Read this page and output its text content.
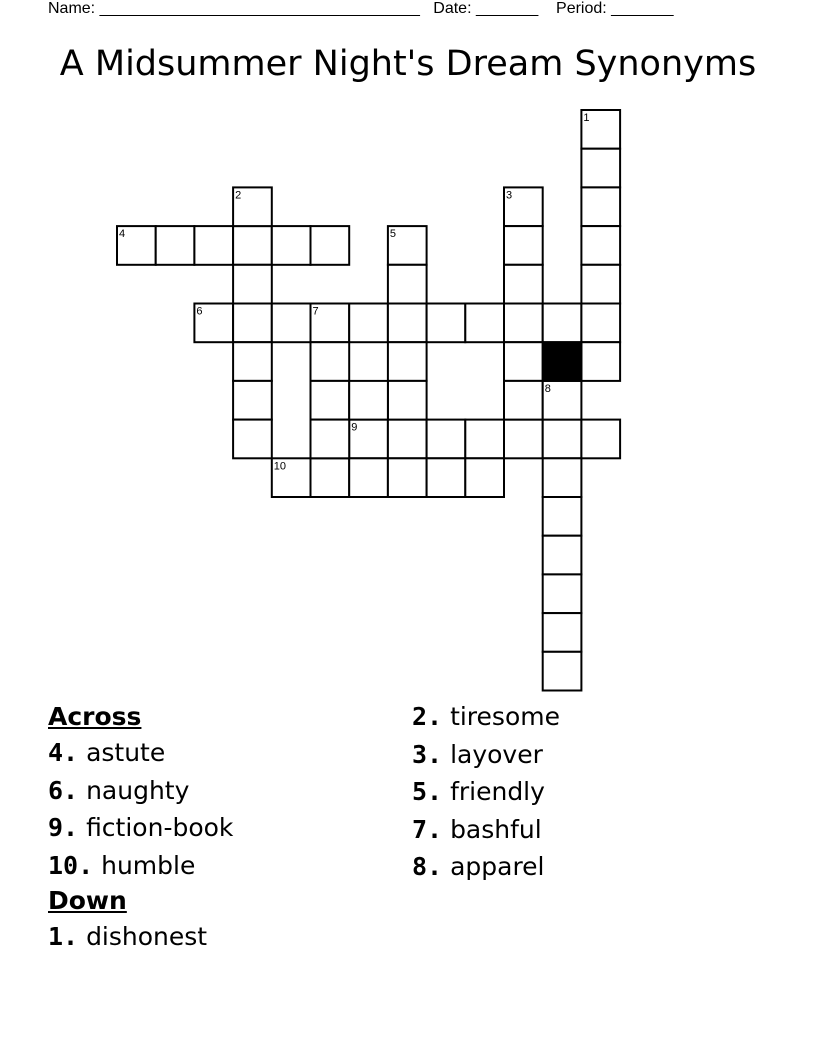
Name: ____________________________________ Date: _______ Period: _______
A Midsummer Night's Dream Synonyms
1
2	3
4	5
6	7
8
9
10
Across
4. astute
6. naughty
9. fiction-book
10. humble
Down
1. dishonest
2. tiresome
3. layover
5. friendly
7. bashful
8. apparel
